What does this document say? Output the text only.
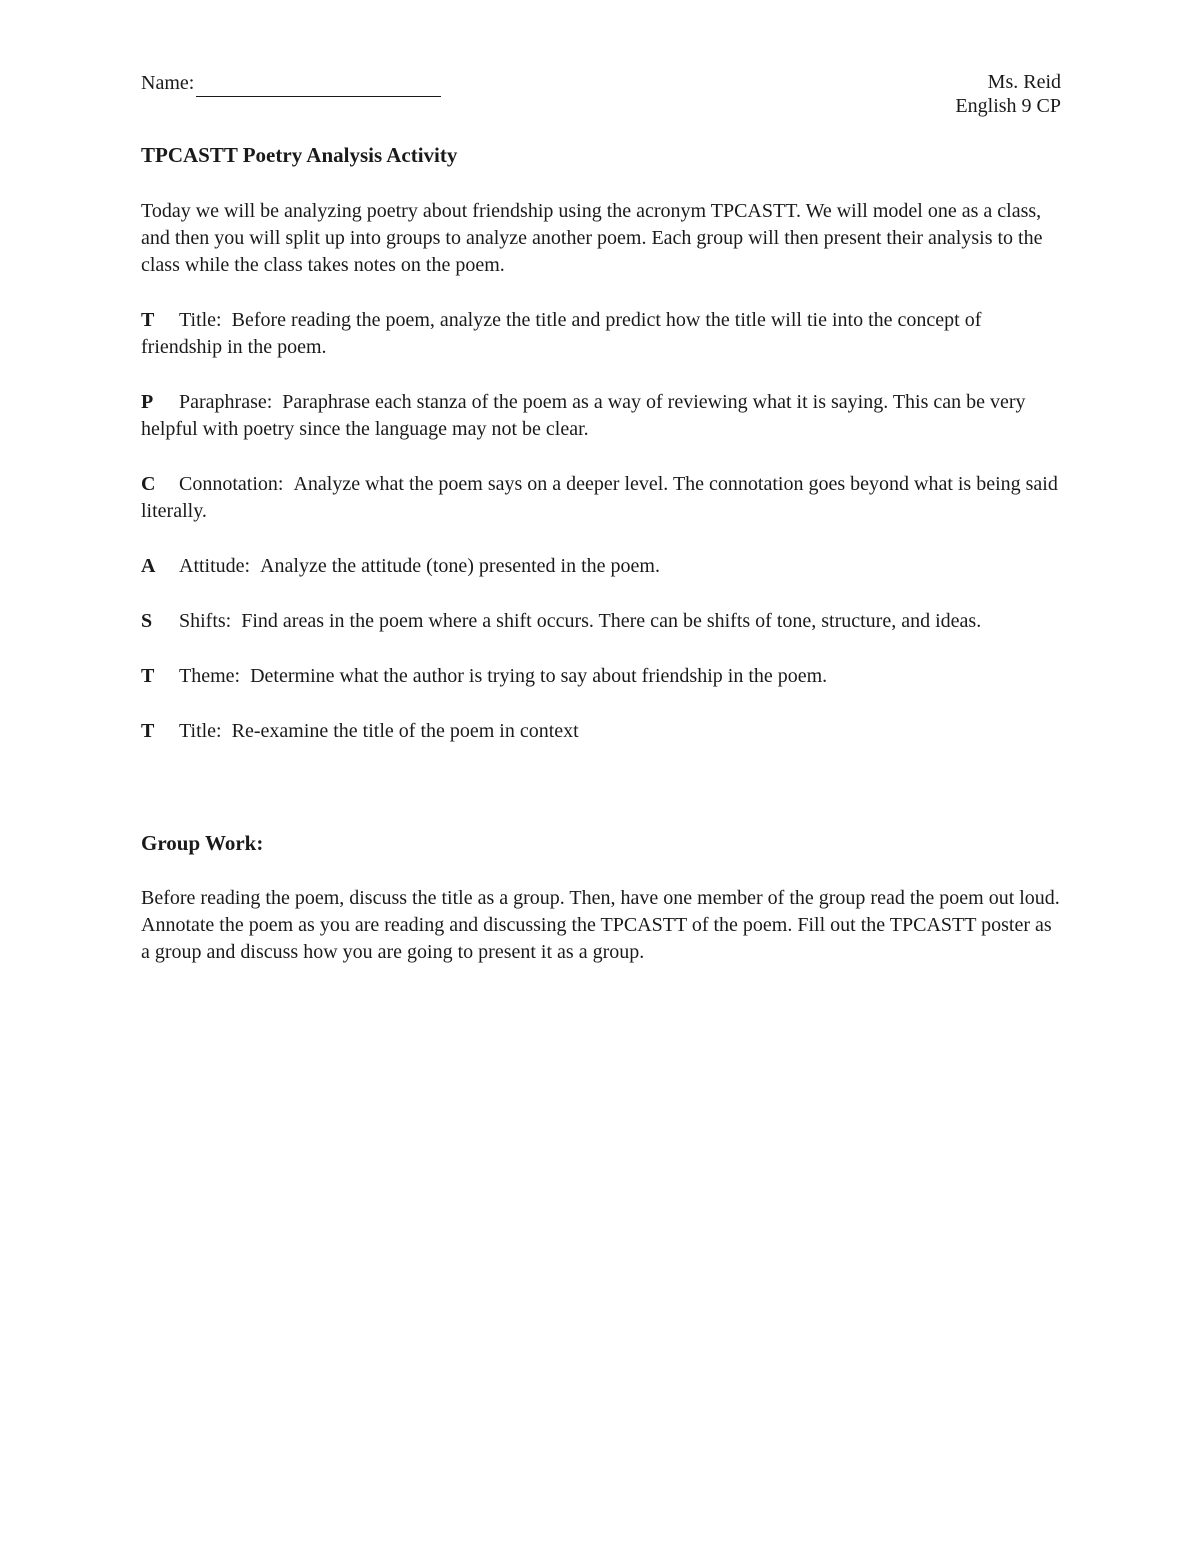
Name:	Ms. Reid
English 9 CP
TPCASTT Poetry Analysis Activity

Today we will be analyzing poetry about friendship using the acronym TPCASTT. We will model one as a class, and then you will split up into groups to analyze another poem. Each group will then present their analysis to the class while the class takes notes on the poem.

T Title: Before reading the poem, analyze the title and predict how the title will tie into the concept of friendship in the poem.

P Paraphrase: Paraphrase each stanza of the poem as a way of reviewing what it is saying. This can be very helpful with poetry since the language may not be clear.

C Connotation: Analyze what the poem says on a deeper level. The connotation goes beyond what is being said literally.

A Attitude: Analyze the attitude (tone) presented in the poem.

S Shifts: Find areas in the poem where a shift occurs. There can be shifts of tone, structure, and ideas.

T Theme: Determine what the author is trying to say about friendship in the poem.

T Title: Re-examine the title of the poem in context

Group Work:

Before reading the poem, discuss the title as a group. Then, have one member of the group read the poem out loud. Annotate the poem as you are reading and discussing the TPCASTT of the poem. Fill out the TPCASTT poster as a group and discuss how you are going to present it as a group.
